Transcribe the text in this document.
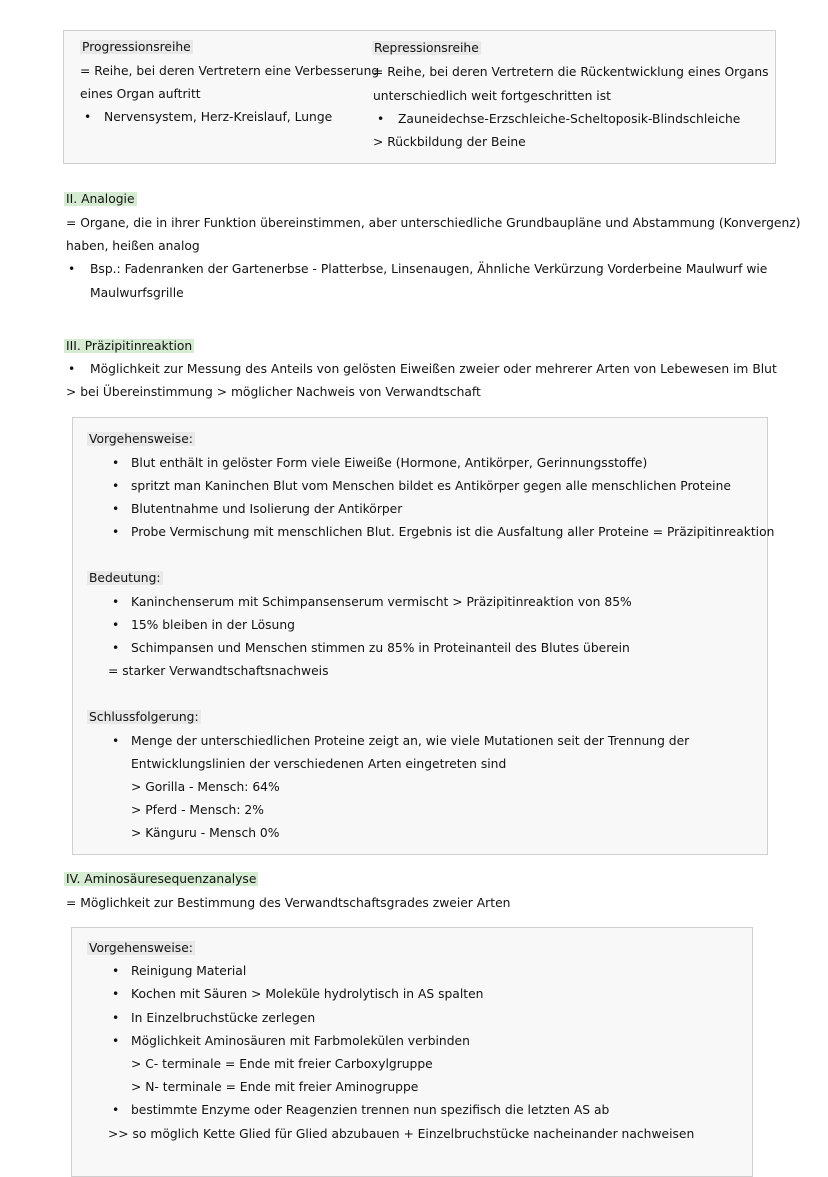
Progressionsreihe
= Reihe, bei deren Vertretern eine Verbesserung
eines Organ auftritt
• Nervensystem, Herz-Kreislauf, Lunge
Repressionsreihe
= Reihe, bei deren Vertretern die Rückentwicklung eines Organs
unterschiedlich weit fortgeschritten ist
• Zauneidechse-Erzschleiche-Scheltoposik-Blindschleiche
> Rückbildung der Beine
II. Analogie
= Organe, die in ihrer Funktion übereinstimmen, aber unterschiedliche Grundbaupläne und Abstammung (Konvergenz)
haben, heißen analog
• Bsp.: Fadenranken der Gartenerbse - Platterbse, Linsenaugen, Ähnliche Verkürzung Vorderbeine Maulwurf wie
Maulwurfsgrille
III. Präzipitinreaktion
• Möglichkeit zur Messung des Anteils von gelösten Eiweißen zweier oder mehrerer Arten von Lebewesen im Blut
> bei Übereinstimmung > möglicher Nachweis von Verwandtschaft
Vorgehensweise:
• Blut enthält in gelöster Form viele Eiweiße (Hormone, Antikörper, Gerinnungsstoffe)
• spritzt man Kaninchen Blut vom Menschen bildet es Antikörper gegen alle menschlichen Proteine
• Blutentnahme und Isolierung der Antikörper
• Probe Vermischung mit menschlichen Blut. Ergebnis ist die Ausfaltung aller Proteine = Präzipitinreaktion
Bedeutung:
• Kaninchenserum mit Schimpansenserum vermischt > Präzipitinreaktion von 85%
• 15% bleiben in der Lösung
• Schimpansen und Menschen stimmen zu 85% in Proteinanteil des Blutes überein
= starker Verwandtschaftsnachweis
Schlussfolgerung:
• Menge der unterschiedlichen Proteine zeigt an, wie viele Mutationen seit der Trennung der
Entwicklungslinien der verschiedenen Arten eingetreten sind
> Gorilla - Mensch: 64%
> Pferd - Mensch: 2%
> Känguru - Mensch 0%
IV. Aminosäuresequenzanalyse
= Möglichkeit zur Bestimmung des Verwandtschaftsgrades zweier Arten
Vorgehensweise:
• Reinigung Material
• Kochen mit Säuren > Moleküle hydrolytisch in AS spalten
• In Einzelbruchstücke zerlegen
• Möglichkeit Aminosäuren mit Farbmolekülen verbinden
> C- terminale = Ende mit freier Carboxylgruppe
> N- terminale = Ende mit freier Aminogruppe
• bestimmte Enzyme oder Reagenzien trennen nun spezifisch die letzten AS ab
>> so möglich Kette Glied für Glied abzubauen + Einzelbruchstücke nacheinander nachweisen
